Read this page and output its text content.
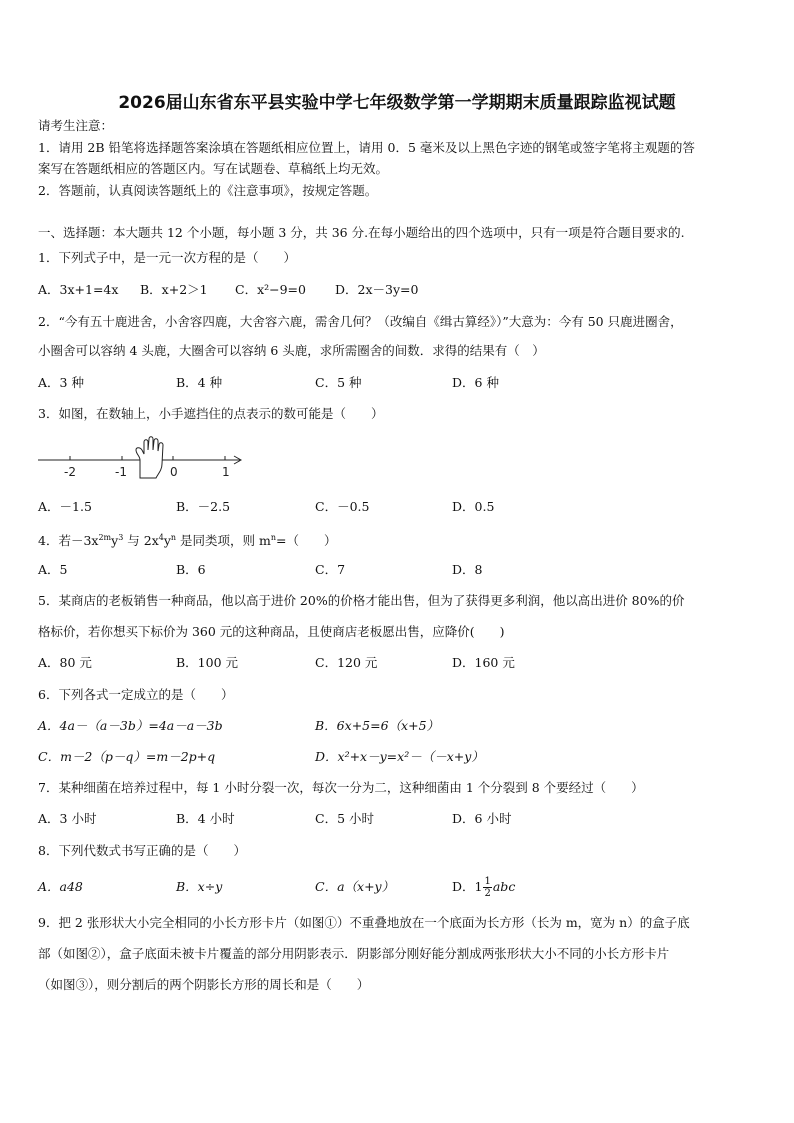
2026届山东省东平县实验中学七年级数学第一学期期末质量跟踪监视试题
请考生注意：
1．请用 2B 铅笔将选择题答案涂填在答题纸相应位置上，请用 0．5 毫米及以上黑色字迹的钢笔或签字笔将主观题的答
案写在答题纸相应的答题区内。写在试题卷、草稿纸上均无效。
2．答题前，认真阅读答题纸上的《注意事项》，按规定答题。
一、选择题：本大题共 12 个小题，每小题 3 分，共 36 分.在每小题给出的四个选项中，只有一项是符合题目要求的.
1．下列式子中，是一元一次方程的是（　　）
A．3x+1=4x B．x+2＞1 C．x²−9=0 D．2x－3y=0
2．“今有五十鹿进舍，小舍容四鹿，大舍容六鹿，需舍几何？（改编自《缉古算经》）”大意为：今有 50 只鹿进圈舍，
小圈舍可以容纳 4 头鹿，大圈舍可以容纳 6 头鹿，求所需圈舍的间数．求得的结果有（　）
A．3 种	B．4 种	C．5 种	D．6 种
3．如图，在数轴上，小手遮挡住的点表示的数可能是（　　）
-2	-1	0	1
A．－1.5	B．－2.5	C．－0.5	D．0.5
4．若$-3x^{2m}y^3$ 与 $2x^4y^n$ 是同类项，则 $m^n=$（　　）
A．5	B．6	C．7	D．8
5．某商店的老板销售一种商品，他以高于进价 20%的价格才能出售，但为了获得更多利润，他以高出进价 80%的价
格标价，若你想买下标价为 360 元的这种商品，且使商店老板愿出售，应降价(　　)
A．80 元	B．100 元	C．120 元	D．160 元
6．下列各式一定成立的是（　　）
A．4a－（a－3b）=4a－a－3b	B．6x+5=6（x+5）
C．m－2（p－q）=m－2p+q	D．x²+x－y=x²－（－x+y）
7．某种细菌在培养过程中，每 1 小时分裂一次，每次一分为二，这种细菌由 1 个分裂到 8 个要经过（　　）
A．3 小时	B．4 小时	C．5 小时	D．6 小时
8．下列代数式书写正确的是（　　）
A．a48	B．x÷y	C．a（x+y）	D．$1 \frac{1}{2}$ abc
9．把 2 张形状大小完全相同的小长方形卡片（如图①）不重叠地放在一个底面为长方形（长为 m，宽为 n）的盒子底
部（如图②），盒子底面未被卡片覆盖的部分用阴影表示．阴影部分刚好能分割成两张形状大小不同的小长方形卡片
（如图③），则分割后的两个阴影长方形的周长和是（　　）
